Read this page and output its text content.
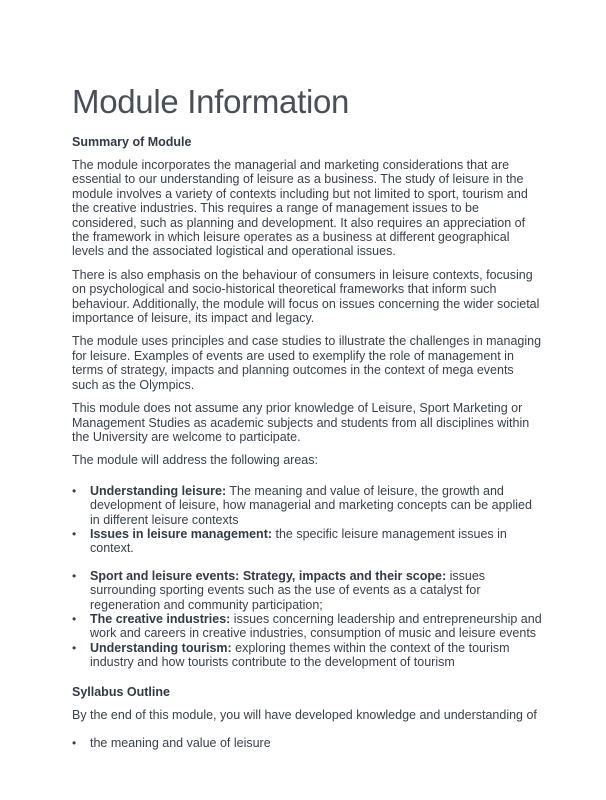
Module Information
Summary of Module

The module incorporates the managerial and marketing considerations that are essential to our understanding of leisure as a business. The study of leisure in the module involves a variety of contexts including but not limited to sport, tourism and the creative industries. This requires a range of management issues to be considered, such as planning and development. It also requires an appreciation of the framework in which leisure operates as a business at different geographical levels and the associated logistical and operational issues.

There is also emphasis on the behaviour of consumers in leisure contexts, focusing on psychological and socio-historical theoretical frameworks that inform such behaviour. Additionally, the module will focus on issues concerning the wider societal importance of leisure, its impact and legacy.

The module uses principles and case studies to illustrate the challenges in managing for leisure. Examples of events are used to exemplify the role of management in terms of strategy, impacts and planning outcomes in the context of mega events such as the Olympics.

This module does not assume any prior knowledge of Leisure, Sport Marketing or Management Studies as academic subjects and students from all disciplines within the University are welcome to participate.

The module will address the following areas:

• Understanding leisure: The meaning and value of leisure, the growth and development of leisure, how managerial and marketing concepts can be applied in different leisure contexts
• Issues in leisure management: the specific leisure management issues in context.
• Sport and leisure events: Strategy, impacts and their scope: issues surrounding sporting events such as the use of events as a catalyst for regeneration and community participation;
• The creative industries: issues concerning leadership and entrepreneurship and work and careers in creative industries, consumption of music and leisure events
• Understanding tourism: exploring themes within the context of the tourism industry and how tourists contribute to the development of tourism
Syllabus Outline

By the end of this module, you will have developed knowledge and understanding of

• the meaning and value of leisure
